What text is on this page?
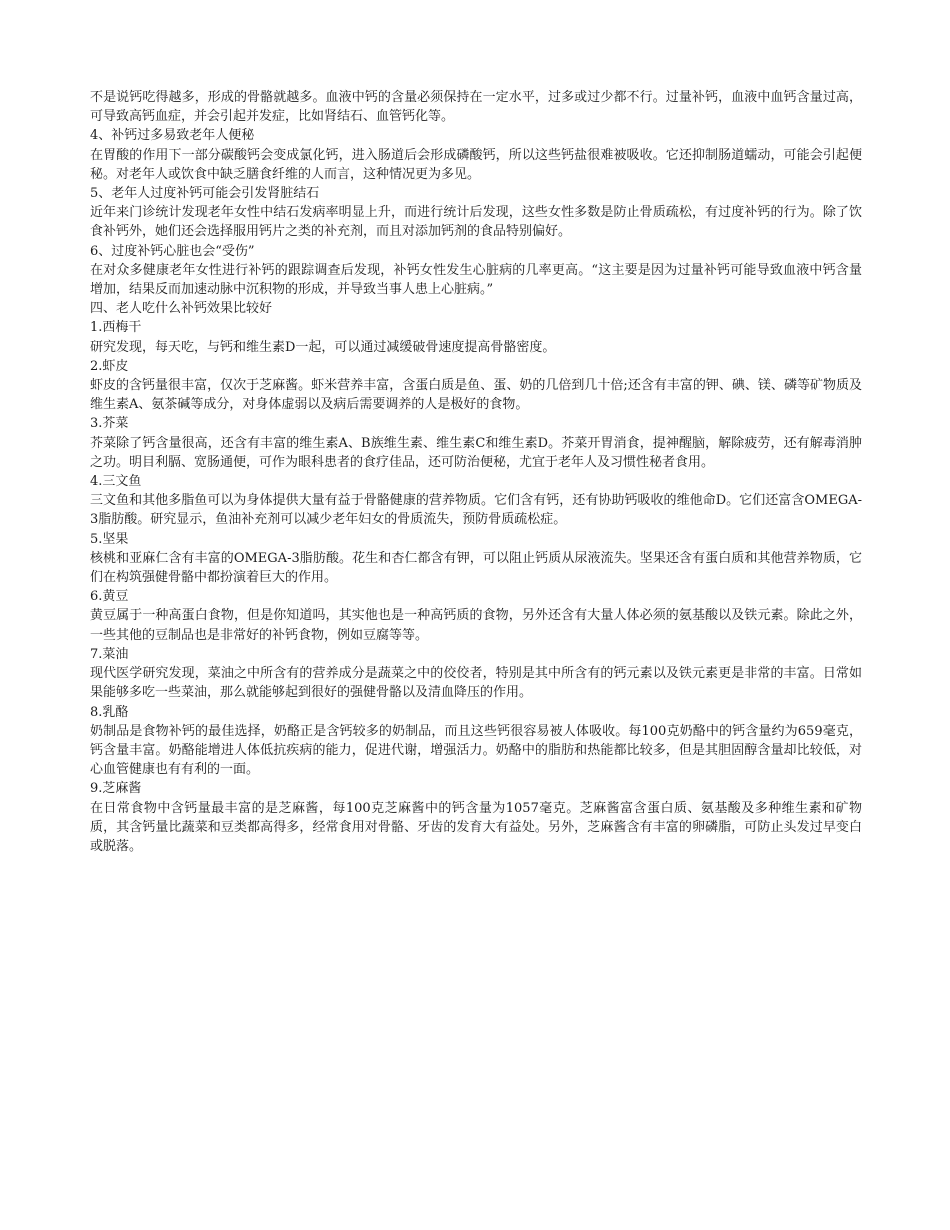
不是说钙吃得越多，形成的骨骼就越多。血液中钙的含量必须保持在一定水平，过多或过少都不行。过量补钙，血液中血钙含量过高，可导致高钙血症，并会引起并发症，比如肾结石、血管钙化等。

4、补钙过多易致老年人便秘

在胃酸的作用下一部分碳酸钙会变成氯化钙，进入肠道后会形成磷酸钙，所以这些钙盐很难被吸收。它还抑制肠道蠕动，可能会引起便秘。对老年人或饮食中缺乏膳食纤维的人而言，这种情况更为多见。

5、老年人过度补钙可能会引发肾脏结石

近年来门诊统计发现老年女性中结石发病率明显上升，而进行统计后发现，这些女性多数是防止骨质疏松，有过度补钙的行为。除了饮食补钙外，她们还会选择服用钙片之类的补充剂，而且对添加钙剂的食品特别偏好。

6、过度补钙心脏也会“受伤”

在对众多健康老年女性进行补钙的跟踪调查后发现，补钙女性发生心脏病的几率更高。“这主要是因为过量补钙可能导致血液中钙含量增加，结果反而加速动脉中沉积物的形成，并导致当事人患上心脏病。”

四、老人吃什么补钙效果比较好

1.西梅干

研究发现，每天吃，与钙和维生素D一起，可以通过减缓破骨速度提高骨骼密度。

2.虾皮

虾皮的含钙量很丰富，仅次于芝麻酱。虾米营养丰富，含蛋白质是鱼、蛋、奶的几倍到几十倍;还含有丰富的钾、碘、镁、磷等矿物质及维生素A、氨茶碱等成分，对身体虚弱以及病后需要调养的人是极好的食物。

3.芥菜

芥菜除了钙含量很高，还含有丰富的维生素A、B族维生素、维生素C和维生素D。芥菜开胃消食，提神醒脑，解除疲劳，还有解毒消肿之功。明目利膈、宽肠通便，可作为眼科患者的食疗佳品，还可防治便秘，尤宜于老年人及习惯性秘者食用。

4.三文鱼

三文鱼和其他多脂鱼可以为身体提供大量有益于骨骼健康的营养物质。它们含有钙，还有协助钙吸收的维他命D。它们还富含OMEGA-3脂肪酸。研究显示，鱼油补充剂可以减少老年妇女的骨质流失，预防骨质疏松症。

5.坚果

核桃和亚麻仁含有丰富的OMEGA-3脂肪酸。花生和杏仁都含有钾，可以阻止钙质从尿液流失。坚果还含有蛋白质和其他营养物质，它们在构筑强健骨骼中都扮演着巨大的作用。

6.黄豆

黄豆属于一种高蛋白食物，但是你知道吗，其实他也是一种高钙质的食物，另外还含有大量人体必须的氨基酸以及铁元素。除此之外，一些其他的豆制品也是非常好的补钙食物，例如豆腐等等。

7.菜油

现代医学研究发现，菜油之中所含有的营养成分是蔬菜之中的佼佼者，特别是其中所含有的钙元素以及铁元素更是非常的丰富。日常如果能够多吃一些菜油，那么就能够起到很好的强健骨骼以及清血降压的作用。

8.乳酪

奶制品是食物补钙的最佳选择，奶酪正是含钙较多的奶制品，而且这些钙很容易被人体吸收。每100克奶酪中的钙含量约为659毫克，钙含量丰富。奶酪能增进人体低抗疾病的能力，促进代谢，增强活力。奶酪中的脂肪和热能都比较多，但是其胆固醇含量却比较低，对心血管健康也有有利的一面。

9.芝麻酱

在日常食物中含钙量最丰富的是芝麻酱，每100克芝麻酱中的钙含量为1057毫克。芝麻酱富含蛋白质、氨基酸及多种维生素和矿物质，其含钙量比蔬菜和豆类都高得多，经常食用对骨骼、牙齿的发育大有益处。另外，芝麻酱含有丰富的卵磷脂，可防止头发过早变白或脱落。
